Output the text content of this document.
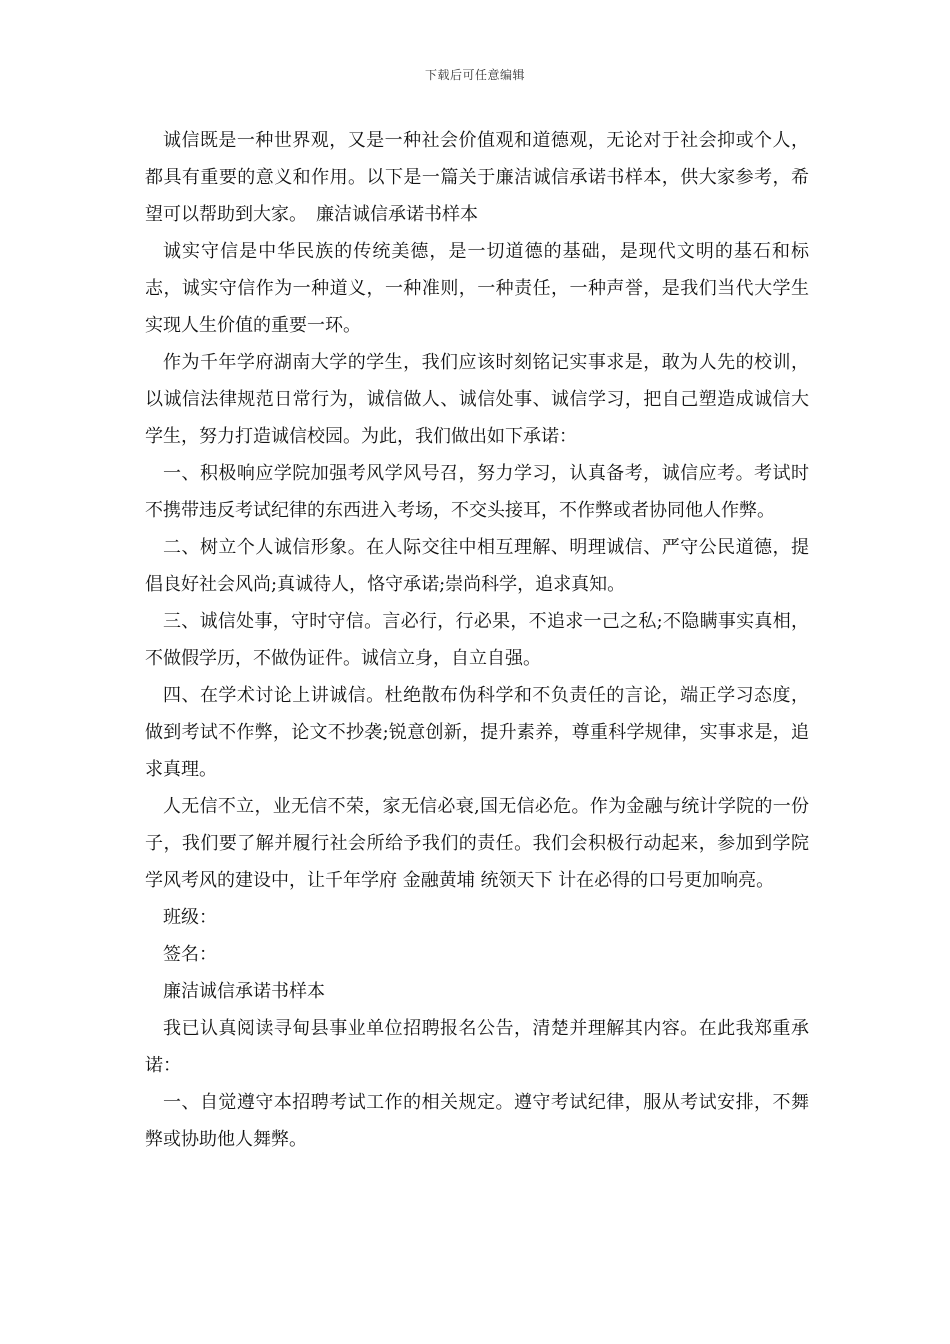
下载后可任意编辑

诚信既是一种世界观，又是一种社会价值观和道德观，无论对于社会抑或个人，都具有重要的意义和作用。以下是一篇关于廉洁诚信承诺书样本，供大家参考，希望可以帮助到大家。　廉洁诚信承诺书样本

诚实守信是中华民族的传统美德，是一切道德的基础，是现代文明的基石和标志，诚实守信作为一种道义，一种准则，一种责任，一种声誉，是我们当代大学生实现人生价值的重要一环。

作为千年学府湖南大学的学生，我们应该时刻铭记实事求是，敢为人先的校训，以诚信法律规范日常行为，诚信做人、诚信处事、诚信学习，把自己塑造成诚信大学生，努力打造诚信校园。为此，我们做出如下承诺：

一、积极响应学院加强考风学风号召，努力学习，认真备考，诚信应考。考试时不携带违反考试纪律的东西进入考场，不交头接耳，不作弊或者协同他人作弊。

二、树立个人诚信形象。在人际交往中相互理解、明理诚信、严守公民道德，提倡良好社会风尚;真诚待人，恪守承诺;崇尚科学，追求真知。

三、诚信处事，守时守信。言必行，行必果，不追求一己之私;不隐瞒事实真相，不做假学历，不做伪证件。诚信立身，自立自强。

四、在学术讨论上讲诚信。杜绝散布伪科学和不负责任的言论，端正学习态度，做到考试不作弊，论文不抄袭;锐意创新，提升素养，尊重科学规律，实事求是，追求真理。

人无信不立，业无信不荣，家无信必衰,国无信必危。作为金融与统计学院的一份子，我们要了解并履行社会所给予我们的责任。我们会积极行动起来，参加到学院学风考风的建设中，让千年学府 金融黄埔 统领天下 计在必得的口号更加响亮。

班级：

签名：

廉洁诚信承诺书样本

我已认真阅读寻甸县事业单位招聘报名公告，清楚并理解其内容。在此我郑重承诺：

一、自觉遵守本招聘考试工作的相关规定。遵守考试纪律，服从考试安排，不舞弊或协助他人舞弊。
